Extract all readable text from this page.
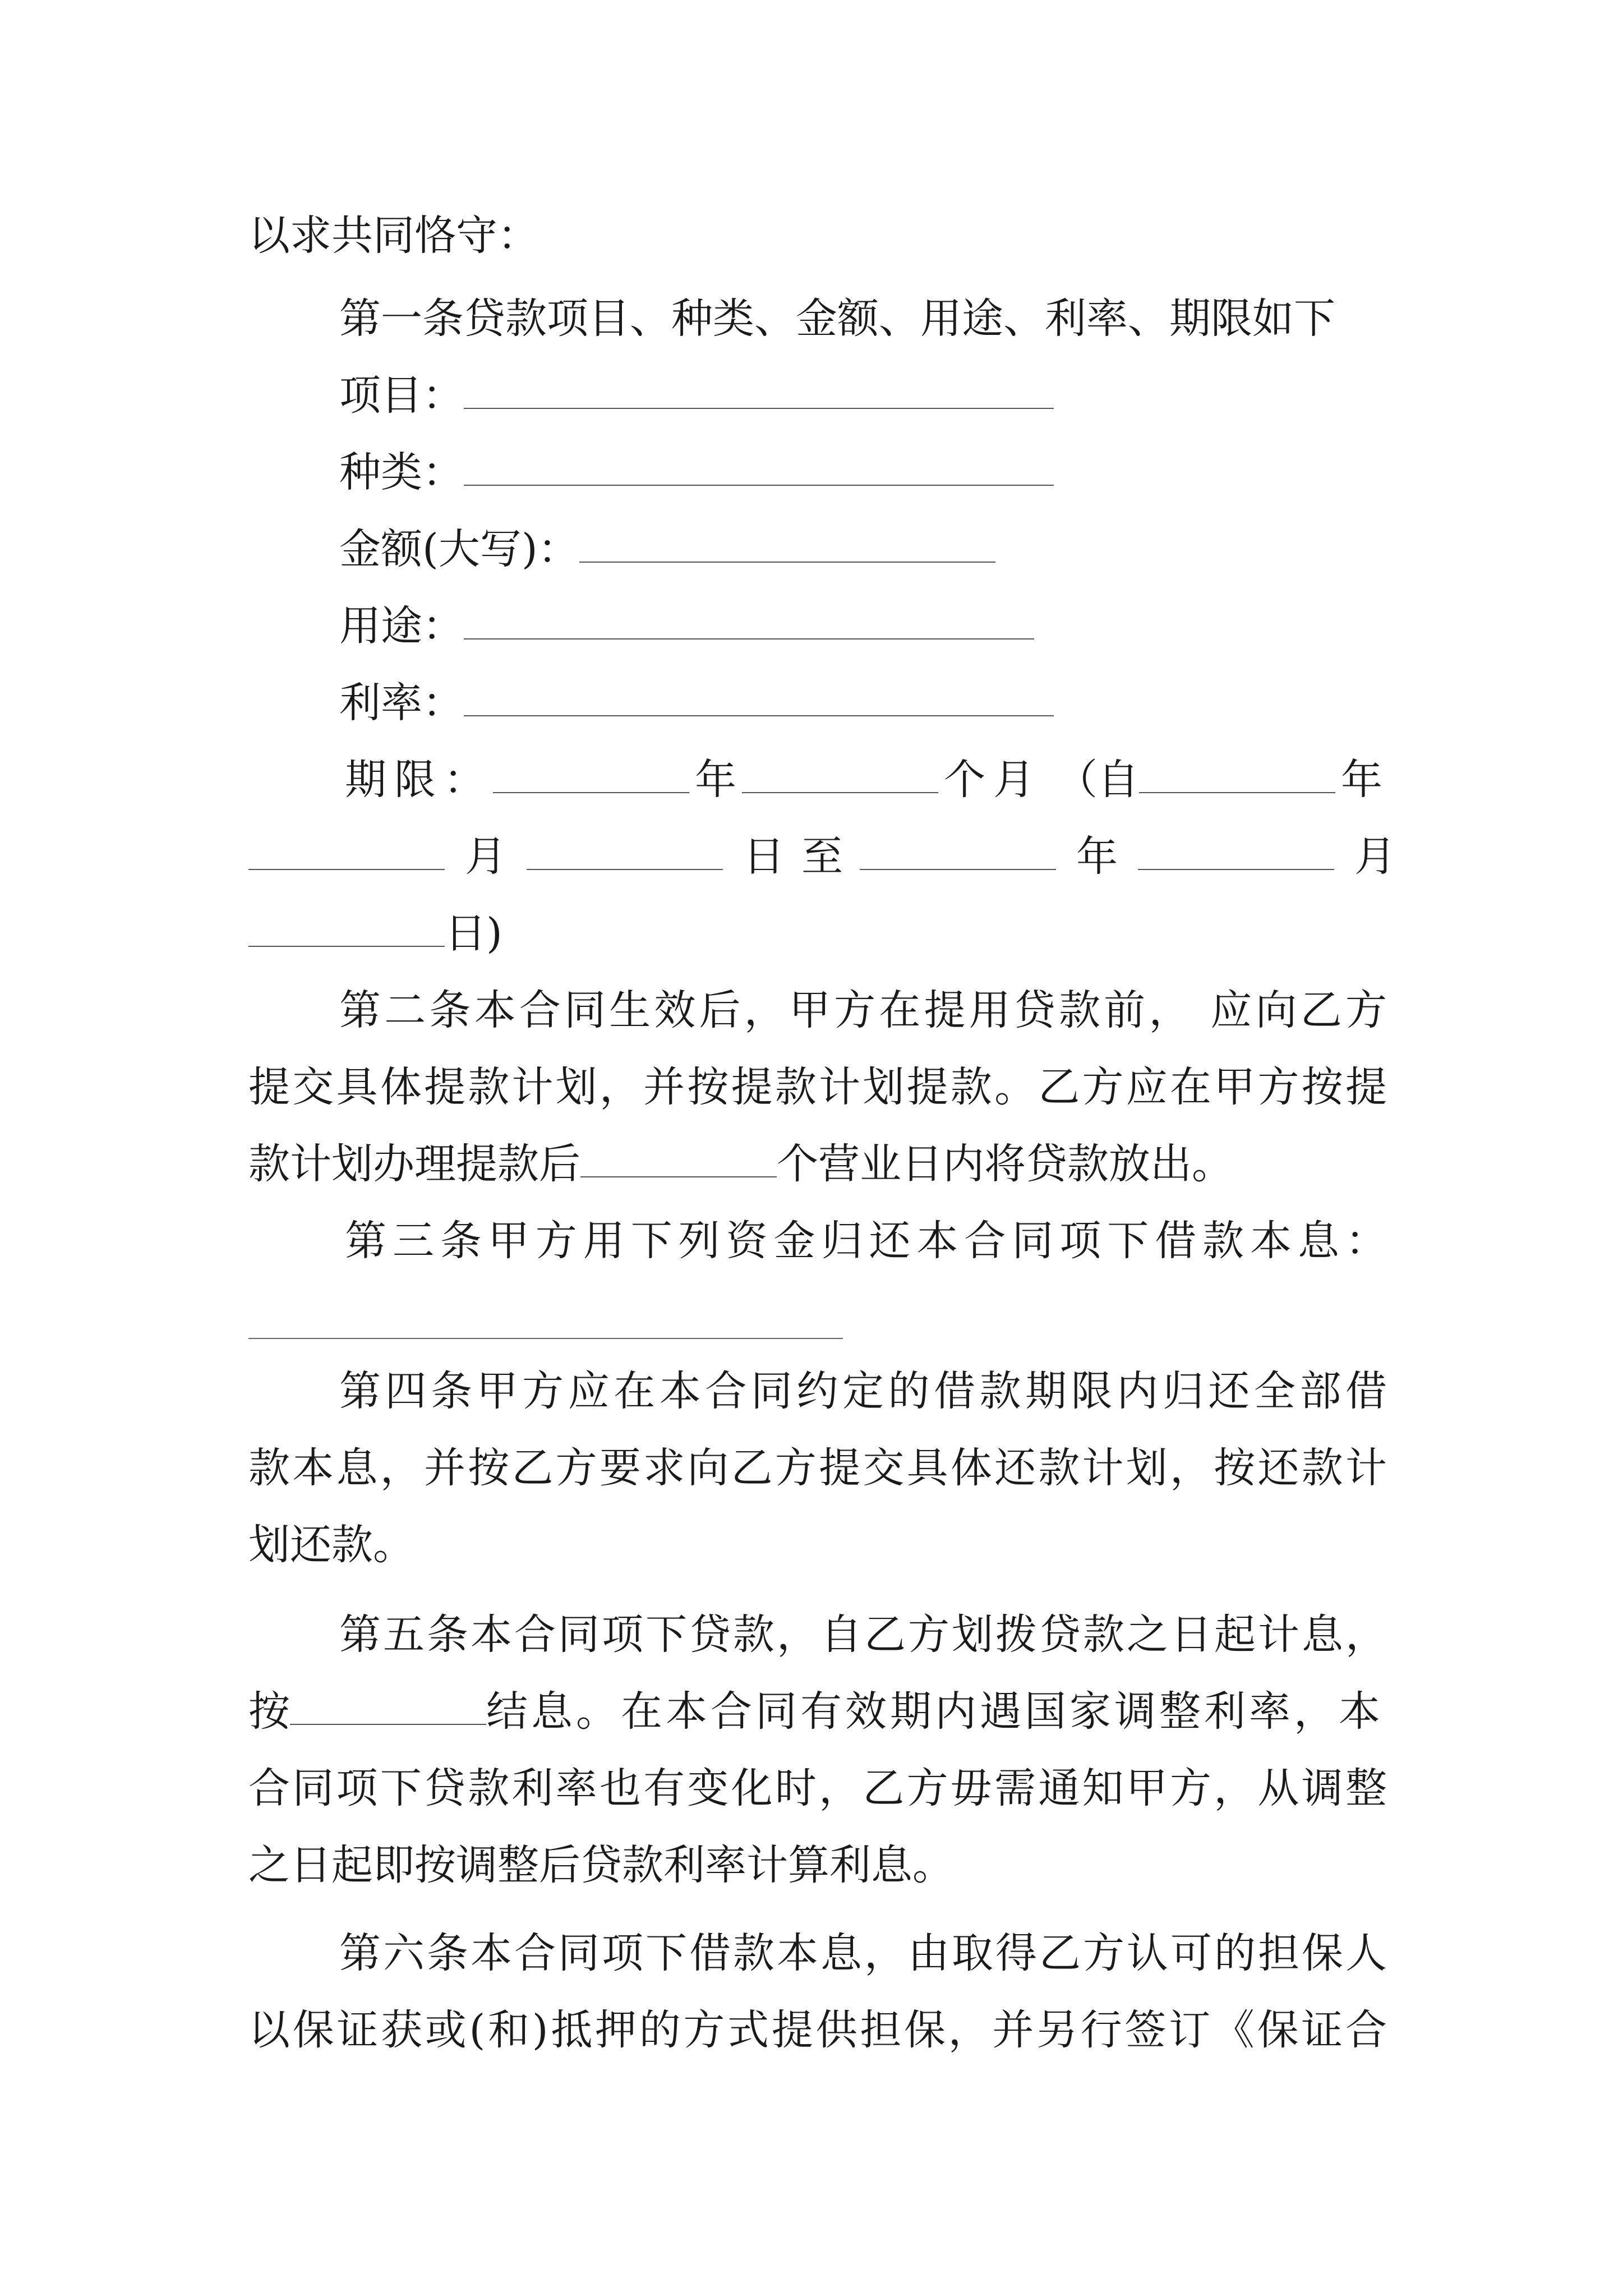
以求共同恪守：
第一条贷款项目、种类、金额、用途、利率、期限如下
项目：
种类：
金额(大写)：
用途：
利率：
期限：	年	个月 （自	年
月	日 至	年	月
日)
第二条本合同生效后，甲方在提用贷款前， 应向乙方
提交具体提款计划，并按提款计划提款。乙方应在甲方按提
款计划办理提款后	个营业日内将贷款放出。
第三条甲方用下列资金归还本合同项下借款本息：
第四条甲方应在本合同约定的借款期限内归还全部借
款本息，并按乙方要求向乙方提交具体还款计划，按还款计
划还款。
第五条本合同项下贷款，自乙方划拨贷款之日起计息，
按	结息。在本合同有效期内遇国家调整利率，本
合同项下贷款利率也有变化时，乙方毋需通知甲方，从调整
之日起即按调整后贷款利率计算利息。
第六条本合同项下借款本息，由取得乙方认可的担保人
以保证获或(和)抵押的方式提供担保，并另行签订《保证合
